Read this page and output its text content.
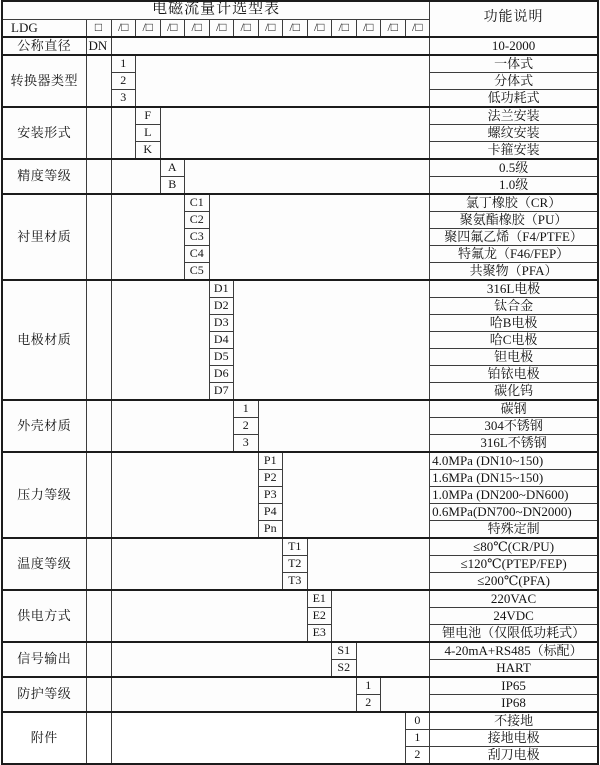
电磁流量计选型表															功能说明
LDG	□	/□	/□	/□	/□	/□	/□	/□	/□	/□	/□	/□	/□	/□	
公称直径	DN														10-2000
转换器类型		1													一体式
		2													分体式
		3													低功耗式
安装形式			F												法兰安装
			L												螺纹安装
			K												卡箍安装
精度等级				A											0.5级
				B											1.0级
衬里材质					C1										氯丁橡胶（CR）
					C2										聚氨酯橡胶（PU）
					C3										聚四氟乙烯（F4/PTFE）
					C4										特氟龙（F46/FEP）
					C5										共聚物（PFA）
电极材质						D1									316L电极
						D2									钛合金
						D3									哈B电极
						D4									哈C电极
						D5									钽电极
						D6									铂铱电极
						D7									碳化钨
外壳材质							1								碳钢
							2								304不锈钢
							3								316L不锈钢
压力等级								P1							4.0MPa (DN10~150)
								P2							1.6MPa (DN15~150)
								P3							1.0MPa (DN200~DN600)
								P4							0.6MPa(DN700~DN2000)
								Pn							特殊定制
温度等级									T1						≤80℃(CR/PU)
									T2						≤120℃(PTEP/FEP)
									T3						≤200℃(PFA)
供电方式										E1					220VAC
										E2					24VDC
										E3					锂电池（仅限低功耗式）
信号输出											S1				4-20mA+RS485（标配）
											S2				HART
防护等级												1			IP65
												2			IP68
附件														0	不接地
														1	接地电极
														2	刮刀电极
